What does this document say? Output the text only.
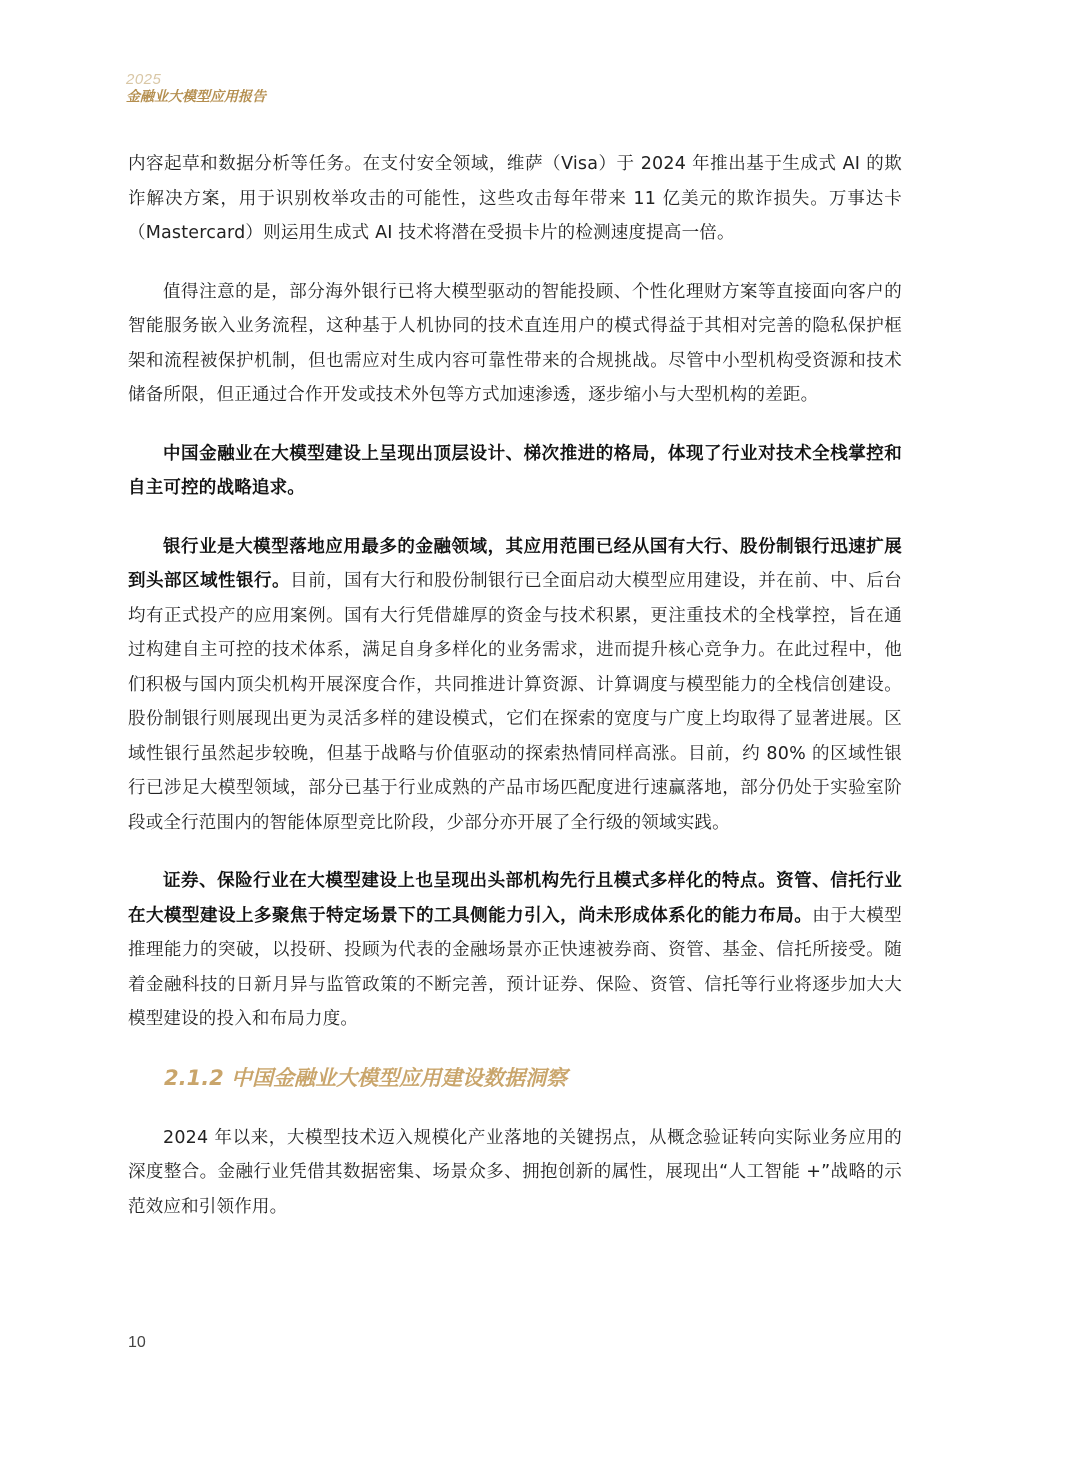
2025
金融业大模型应用报告

内容起草和数据分析等任务。在支付安全领域，维萨（Visa）于 2024 年推出基于生成式 AI 的欺诈解决方案，用于识别枚举攻击的可能性，这些攻击每年带来 11 亿美元的欺诈损失。万事达卡（Mastercard）则运用生成式 AI 技术将潜在受损卡片的检测速度提高一倍。

值得注意的是，部分海外银行已将大模型驱动的智能投顾、个性化理财方案等直接面向客户的智能服务嵌入业务流程，这种基于人机协同的技术直连用户的模式得益于其相对完善的隐私保护框架和流程被保护机制，但也需应对生成内容可靠性带来的合规挑战。尽管中小型机构受资源和技术储备所限，但正通过合作开发或技术外包等方式加速渗透，逐步缩小与大型机构的差距。

中国金融业在大模型建设上呈现出顶层设计、梯次推进的格局，体现了行业对技术全栈掌控和自主可控的战略追求。

银行业是大模型落地应用最多的金融领域，其应用范围已经从国有大行、股份制银行迅速扩展到头部区域性银行。目前，国有大行和股份制银行已全面启动大模型应用建设，并在前、中、后台均有正式投产的应用案例。国有大行凭借雄厚的资金与技术积累，更注重技术的全栈掌控，旨在通过构建自主可控的技术体系，满足自身多样化的业务需求，进而提升核心竞争力。在此过程中，他们积极与国内顶尖机构开展深度合作，共同推进计算资源、计算调度与模型能力的全栈信创建设。股份制银行则展现出更为灵活多样的建设模式，它们在探索的宽度与广度上均取得了显著进展。区域性银行虽然起步较晚，但基于战略与价值驱动的探索热情同样高涨。目前，约 80% 的区域性银行已涉足大模型领域，部分已基于行业成熟的产品市场匹配度进行速赢落地，部分仍处于实验室阶段或全行范围内的智能体原型竞比阶段，少部分亦开展了全行级的领域实践。

证券、保险行业在大模型建设上也呈现出头部机构先行且模式多样化的特点。资管、信托行业在大模型建设上多聚焦于特定场景下的工具侧能力引入，尚未形成体系化的能力布局。由于大模型推理能力的突破，以投研、投顾为代表的金融场景亦正快速被券商、资管、基金、信托所接受。随着金融科技的日新月异与监管政策的不断完善，预计证券、保险、资管、信托等行业将逐步加大大模型建设的投入和布局力度。

2.1.2 中国金融业大模型应用建设数据洞察

2024 年以来，大模型技术迈入规模化产业落地的关键拐点，从概念验证转向实际业务应用的深度整合。金融行业凭借其数据密集、场景众多、拥抱创新的属性，展现出“人工智能 +”战略的示范效应和引领作用。

10
